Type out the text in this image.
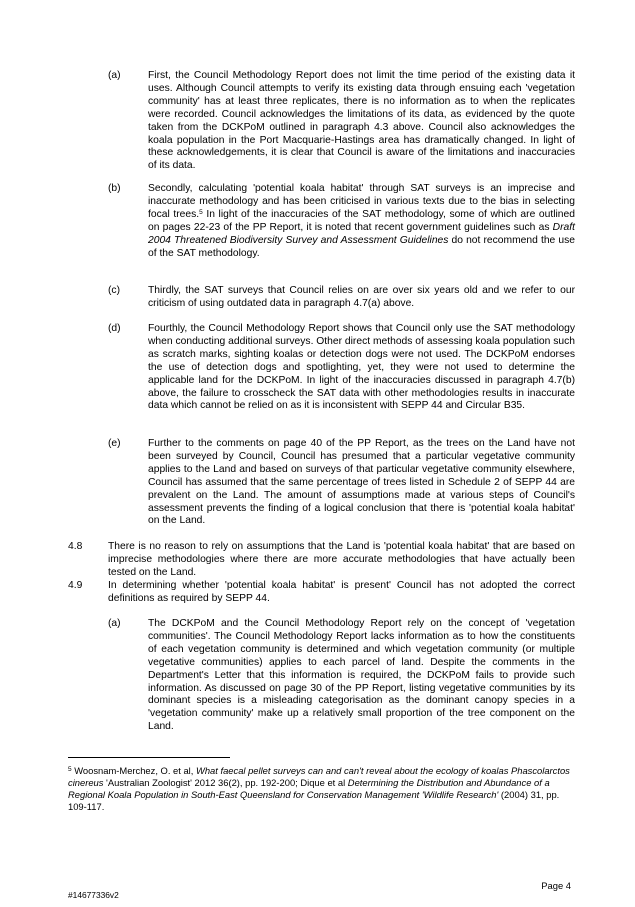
(a)	First, the Council Methodology Report does not limit the time period of the existing data it uses. Although Council attempts to verify its existing data through ensuing each 'vegetation community' has at least three replicates, there is no information as to when the replicates were recorded. Council acknowledges the limitations of its data, as evidenced by the quote taken from the DCKPoM outlined in paragraph 4.3 above. Council also acknowledges the koala population in the Port Macquarie-Hastings area has dramatically changed. In light of these acknowledgements, it is clear that Council is aware of the limitations and inaccuracies of its data.
(b)	Secondly, calculating 'potential koala habitat' through SAT surveys is an imprecise and inaccurate methodology and has been criticised in various texts due to the bias in selecting focal trees.$^5$ In light of the inaccuracies of the SAT methodology, some of which are outlined on pages 22-23 of the PP Report, it is noted that recent government guidelines such as Draft 2004 Threatened Biodiversity Survey and Assessment Guidelines do not recommend the use of the SAT methodology.
(c)	Thirdly, the SAT surveys that Council relies on are over six years old and we refer to our criticism of using outdated data in paragraph 4.7(a) above.
(d)	Fourthly, the Council Methodology Report shows that Council only use the SAT methodology when conducting additional surveys. Other direct methods of assessing koala population such as scratch marks, sighting koalas or detection dogs were not used. The DCKPoM endorses the use of detection dogs and spotlighting, yet, they were not used to determine the applicable land for the DCKPoM. In light of the inaccuracies discussed in paragraph 4.7(b) above, the failure to crosscheck the SAT data with other methodologies results in inaccurate data which cannot be relied on as it is inconsistent with SEPP 44 and Circular B35.
(e)	Further to the comments on page 40 of the PP Report, as the trees on the Land have not been surveyed by Council, Council has presumed that a particular vegetative community applies to the Land and based on surveys of that particular vegetative community elsewhere, Council has assumed that the same percentage of trees listed in Schedule 2 of SEPP 44 are prevalent on the Land. The amount of assumptions made at various steps of Council's assessment prevents the finding of a logical conclusion that there is 'potential koala habitat' on the Land.
4.8 There is no reason to rely on assumptions that the Land is 'potential koala habitat' that are based on imprecise methodologies where there are more accurate methodologies that have actually been tested on the Land.
4.9 In determining whether 'potential koala habitat' is present' Council has not adopted the correct definitions as required by SEPP 44.
(a)	The DCKPoM and the Council Methodology Report rely on the concept of 'vegetation communities'. The Council Methodology Report lacks information as to how the constituents of each vegetation community is determined and which vegetation community (or multiple vegetative communities) applies to each parcel of land. Despite the comments in the Department's Letter that this information is required, the DCKPoM fails to provide such information. As discussed on page 30 of the PP Report, listing vegetative communities by its dominant species is a misleading categorisation as the dominant canopy species in a 'vegetation community' make up a relatively small proportion of the tree component on the Land.
$^5$ Woosnam-Merchez, O. et al, What faecal pellet surveys can and can't reveal about the ecology of koalas Phascolarctos cinereus 'Australian Zoologist' 2012 36(2), pp. 192-200; Dique et al Determining the Distribution and Abundance of a Regional Koala Population in South-East Queensland for Conservation Management 'Wildlife Research' (2004) 31, pp. 109-117.
Page 4
#14677336v2
